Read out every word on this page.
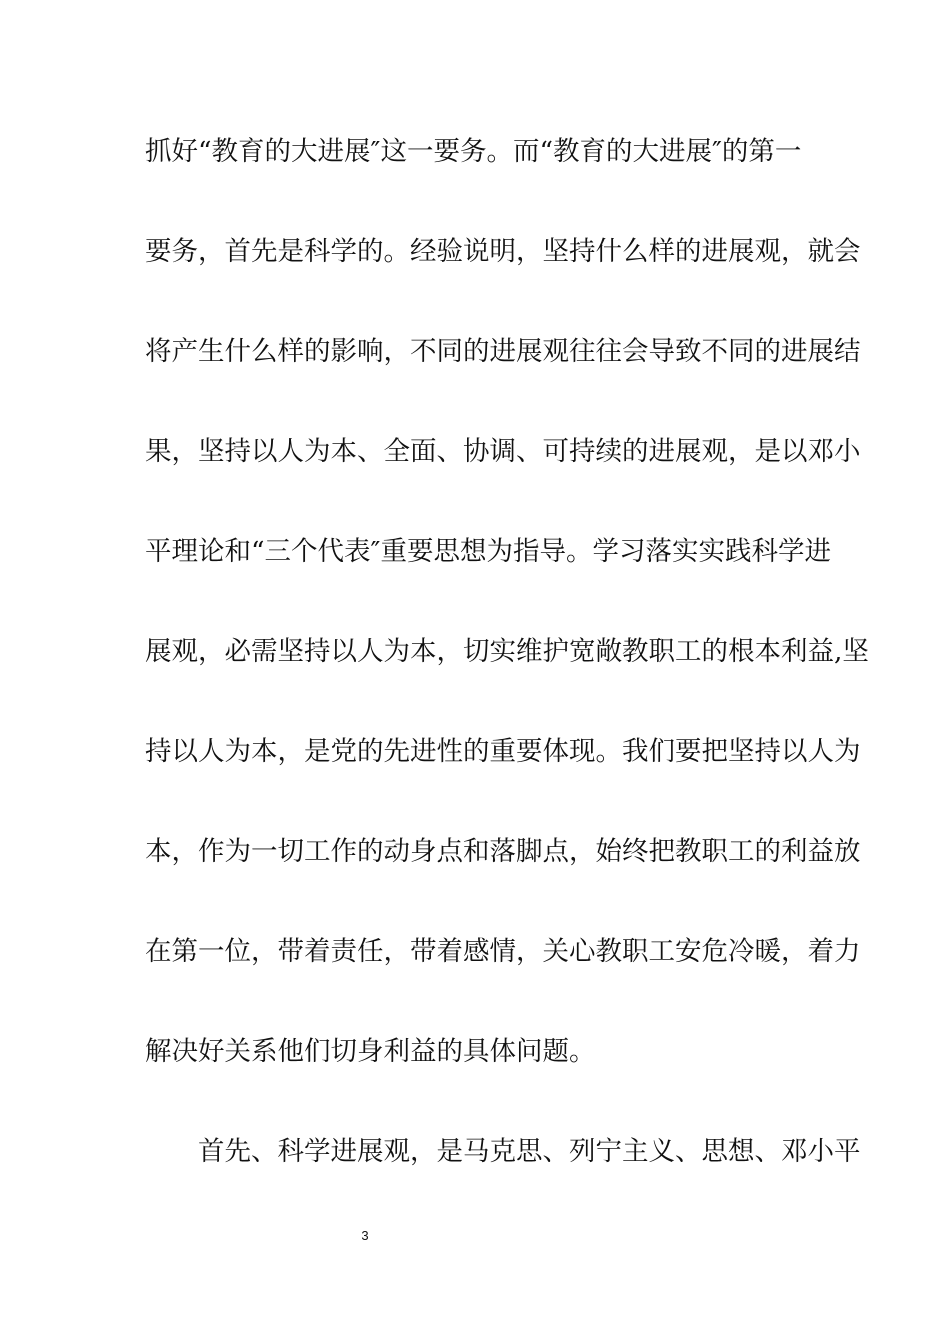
抓好“教育的大进展″这一要务。而“教育的大进展″的第一
要务，首先是科学的。经验说明，坚持什么样的进展观，就会
将产生什么样的影响，不同的进展观往往会导致不同的进展结
果，坚持以人为本、全面、协调、可持续的进展观，是以邓小
平理论和“三个代表″重要思想为指导。学习落实实践科学进
展观，必需坚持以人为本，切实维护宽敞教职工的根本利益,坚
持以人为本，是党的先进性的重要体现。我们要把坚持以人为
本，作为一切工作的动身点和落脚点，始终把教职工的利益放
在第一位，带着责任，带着感情，关心教职工安危冷暖，着力
解决好关系他们切身利益的具体问题。
首先、科学进展观，是马克思、列宁主义、思想、邓小平
3
